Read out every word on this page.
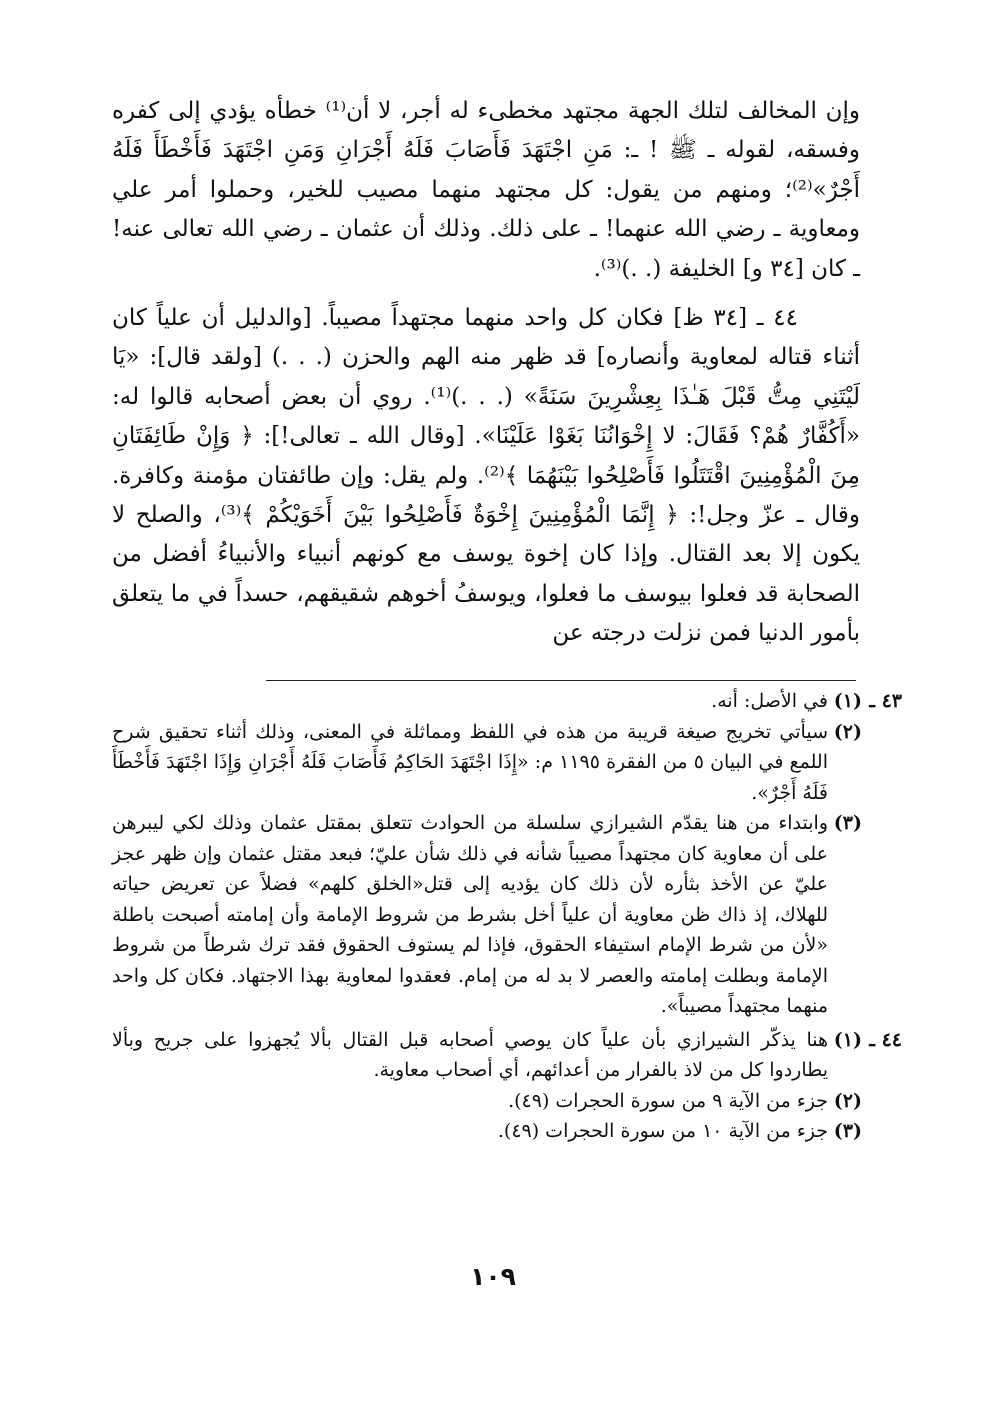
وإن المخالف لتلك الجهة مجتهد مخطىء له أجر، لا أن⁽¹⁾ خطأه يؤدي إلى كفره وفسقه، لقوله ـ ﷺ ! ـ: مَنِ اجْتَهَدَ فَأَصَابَ فَلَهُ أَجْرَانِ وَمَنِ اجْتَهَدَ فَأَخْطَأَ فَلَهُ أَجْرٌ»⁽²⁾؛ ومنهم من يقول: كل مجتهد منهما مصيب للخير، وحملوا أمر علي ومعاوية ـ رضي الله عنهما! ـ على ذلك. وذلك أن عثمان ـ رضي الله تعالى عنه! ـ كان [٣٤ و] الخليفة (. .)⁽³⁾.

٤٤ ـ [٣٤ ظ] فكان كل واحد منهما مجتهداً مصيباً. [والدليل أن علياً كان أثناء قتاله لمعاوية وأنصاره] قد ظهر منه الهم والحزن (. . .) [ولقد قال]: «يَا لَيْتَنِي مِتُّ قَبْلَ هَـٰذَا بِعِشْرِينَ سَنَةً» (. . .)⁽¹⁾. روي أن بعض أصحابه قالوا له: «أَكُفَّارٌ هُمْ؟ فَقَالَ: لا إِخْوَانُنَا بَغَوْا عَلَيْنَا». [وقال الله ـ تعالى!]: ﴿ وَإِنْ طَائِفَتَانِ مِنَ الْمُؤْمِنِينَ اقْتَتَلُوا فَأَصْلِحُوا بَيْنَهُمَا ﴾⁽²⁾. ولم يقل: وإن طائفتان مؤمنة وكافرة. وقال ـ عزّ وجل!: ﴿ إِنَّمَا الْمُؤْمِنِينَ إِخْوَةٌ فَأَصْلِحُوا بَيْنَ أَخَوَيْكُمْ ﴾⁽³⁾، والصلح لا يكون إلا بعد القتال. وإذا كان إخوة يوسف مع كونهم أنبياء والأنبياءُ أفضل من الصحابة قد فعلوا بيوسف ما فعلوا، ويوسفُ أخوهم شقيقهم، حسداً في ما يتعلق بأمور الدنيا فمن نزلت درجته عن

٤٣ ـ
(١)في الأصل: أنه.
(٢)سيأتي تخريج صيغة قريبة من هذه في اللفظ ومماثلة في المعنى، وذلك أثناء تحقيق شرح اللمع في البيان ٥ من الفقرة ١١٩٥ م: «إِذَا اجْتَهَدَ الحَاكِمُ فَأَصَابَ فَلَهُ أَجْرَانِ وَإِذَا اجْتَهَدَ فَأَخْطَأَ فَلَهُ أَجْرٌ».
(٣)وابتداء من هنا يقدّم الشيرازي سلسلة من الحوادث تتعلق بمقتل عثمان وذلك لكي ليبرهن على أن معاوية كان مجتهداً مصيباً شأنه في ذلك شأن عليّ؛ فبعد مقتل عثمان وإن ظهر عجز عليّ عن الأخذ بثأره لأن ذلك كان يؤديه إلى قتل«الخلق كلهم» فضلاً عن تعريض حياته للهلاك، إذ ذاك ظن معاوية أن علياً أخل بشرط من شروط الإمامة وأن إمامته أصبحت باطلة «لأن من شرط الإمام استيفاء الحقوق، فإذا لم يستوف الحقوق فقد ترك شرطاً من شروط الإمامة وبطلت إمامته والعصر لا بد له من إمام. فعقدوا لمعاوية بهذا الاجتهاد. فكان كل واحد منهما مجتهداً مصيباً».
٤٤ ـ
(١)هنا يذكّر الشيرازي بأن علياً كان يوصي أصحابه قبل القتال بألا يُجهزوا على جريح وبألا يطاردوا كل من لاذ بالفرار من أعدائهم، أي أصحاب معاوية.
(٢)جزء من الآية ٩ من سورة الحجرات (٤٩).
(٣)جزء من الآية ١٠ من سورة الحجرات (٤٩).
١٠٩
